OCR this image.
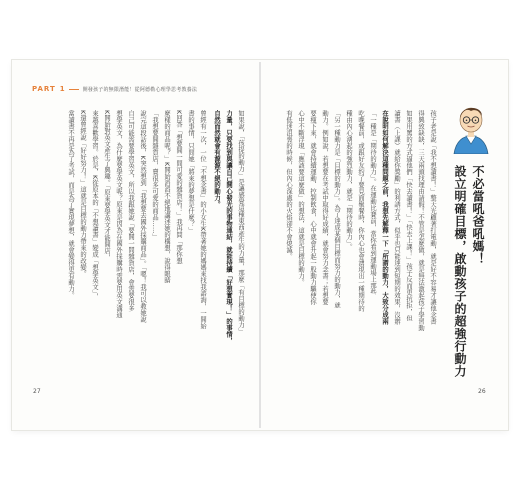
PART 1	開發孩子的無限潛能！從阿德勒心理學思考教養法
不必當吼爸吼媽！
設立明確目標，啟動孩子的超強行動力
孩子老是說「我不想讀書！」整天光顧著打電動，就是好不容易才讓他念書
得興致缺缺，三天兩頭找理由請假！不管是怎麼做，就是無法激起孩子學習動
如果用罵的方式逼他們「快去讀書！」「快去上課！」孩子反而更抗拒，但
讀書（上課）就給你獎勵」的利誘方式，似乎也只能達到短期的效果，沒辦
在說明如何解決這種問題之前，我想先解釋一下「所謂的動力，大致分成兩
「一種是「期待的動力」。在運動比賽前，當你看到運動場上那些
吃晚餐前，或跟好友約了要見面聚餐時，你內心也會湧現出一種期待的
種由內心湧起的強烈動力，就是「期待的動力」。
「另一種動力是「目標的動力」。為了達成某個目標而努力的動力，就
動力。例如說，若想要在考試中取得好成績，就會努力念書；若想要
要瘦下來，就會持續運動、控制飲食，心中就會升起一股動力驅使你
心中不斷浮現「應該要這麼做」的想法，這就是目標的動力。
有低迷沮喪的時候，但內心深處的火焰卻不會熄滅。
如果說，「孩提的動力」是讓感覺這種東西產生的力量，那麼「有目標的動力」
力量，只要找到與讓自己開心發光的事物連結，就能持續「好想實現！」的事情，
自然而然就會有源源不絕的動力。
曾經有一次，一位「不想念書」的小女生K帶著她的媽媽來找我諮詢，一開始
書的事情，只問她「將來的夢想是什麼？」
K回答「想要開一間可愛的雜貨店！」我再問「那你想
麼樣的商品呢？」K開始滔滔不絕地講述她的構想，說得眼睛
「我想要開雜貨店，賣很多可愛的商品……」
說完這段話後，K突然想到「我想要去國外採購商品」。「嗯！我可以教她說
自己可能需要學習英文，所以我跟她說「要開一間雜貨店，會需要很多
想學英文，為什麼要學英文呢？原來是因為在國外採購時需要用英文溝通
K開始對英文產生了興趣。「原來要學英文才能開店，
來越喜歡學習。於是，K從原本的「不想讀書」變成「想學英文」，
K還曾經說「好好努力！」這就是目標的動力帶來的改變。
當讀書不再是為了考試，而是為了實現夢想，就會變得更有動力。
27	26
